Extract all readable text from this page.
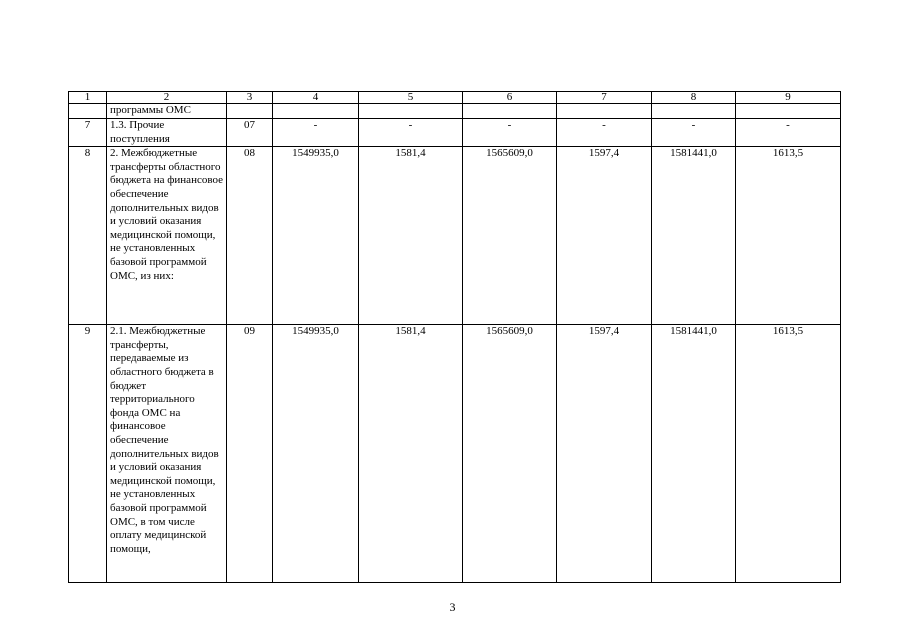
1	2	3	4	5	6	7	8	9
	программы ОМС							
7	1.3. Прочие поступления	07	-	-	-	-	-	-
8	2. Межбюджетные трансферты областного бюджета на финансовое обеспечение дополнительных видов и условий оказания медицинской помощи, не установленных базовой программой ОМС, из них:	08	1549935,0	1581,4	1565609,0	1597,4	1581441,0	1613,5
9	2.1. Межбюджетные трансферты, передаваемые из областного бюджета в бюджет территориального фонда ОМС на финансовое обеспечение дополнительных видов и условий оказания медицинской помощи, не установленных базовой программой ОМС, в том числе оплату медицинской помощи,	09	1549935,0	1581,4	1565609,0	1597,4	1581441,0	1613,5
3
